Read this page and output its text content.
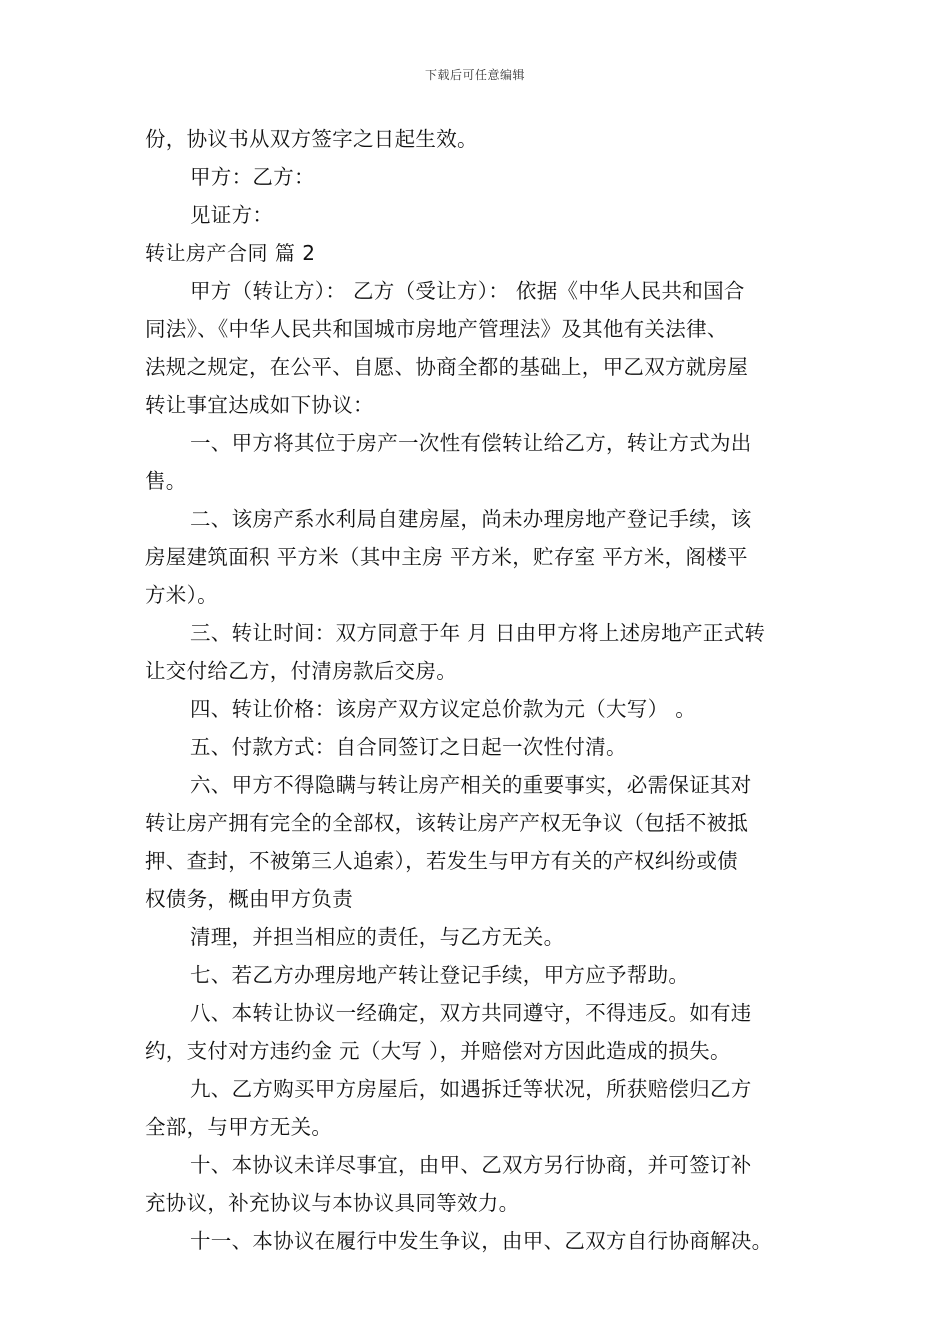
下载后可任意编辑
份，协议书从双方签字之日起生效。
甲方：乙方：
见证方：
转让房产合同 篇 2
甲方（转让方）： 乙方（受让方）： 依据《中华人民共和国合
同法》、《中华人民共和国城市房地产管理法》及其他有关法律、
法规之规定，在公平、自愿、协商全都的基础上，甲乙双方就房屋
转让事宜达成如下协议：
一、甲方将其位于房产一次性有偿转让给乙方，转让方式为出
售。
二、该房产系水利局自建房屋，尚未办理房地产登记手续，该
房屋建筑面积 平方米（其中主房 平方米，贮存室 平方米，阁楼平
方米）。
三、转让时间：双方同意于年 月 日由甲方将上述房地产正式转
让交付给乙方，付清房款后交房。
四、转让价格：该房产双方议定总价款为元（大写） 。
五、付款方式：自合同签订之日起一次性付清。
六、甲方不得隐瞒与转让房产相关的重要事实，必需保证其对
转让房产拥有完全的全部权，该转让房产产权无争议（包括不被抵
押、查封，不被第三人追索），若发生与甲方有关的产权纠纷或债
权债务，概由甲方负责
清理，并担当相应的责任，与乙方无关。
七、若乙方办理房地产转让登记手续，甲方应予帮助。
八、本转让协议一经确定，双方共同遵守，不得违反。如有违
约，支付对方违约金 元（大写 ），并赔偿对方因此造成的损失。
九、乙方购买甲方房屋后，如遇拆迁等状况，所获赔偿归乙方
全部，与甲方无关。
十、本协议未详尽事宜，由甲、乙双方另行协商，并可签订补
充协议，补充协议与本协议具同等效力。
十一、本协议在履行中发生争议，由甲、乙双方自行协商解决。
